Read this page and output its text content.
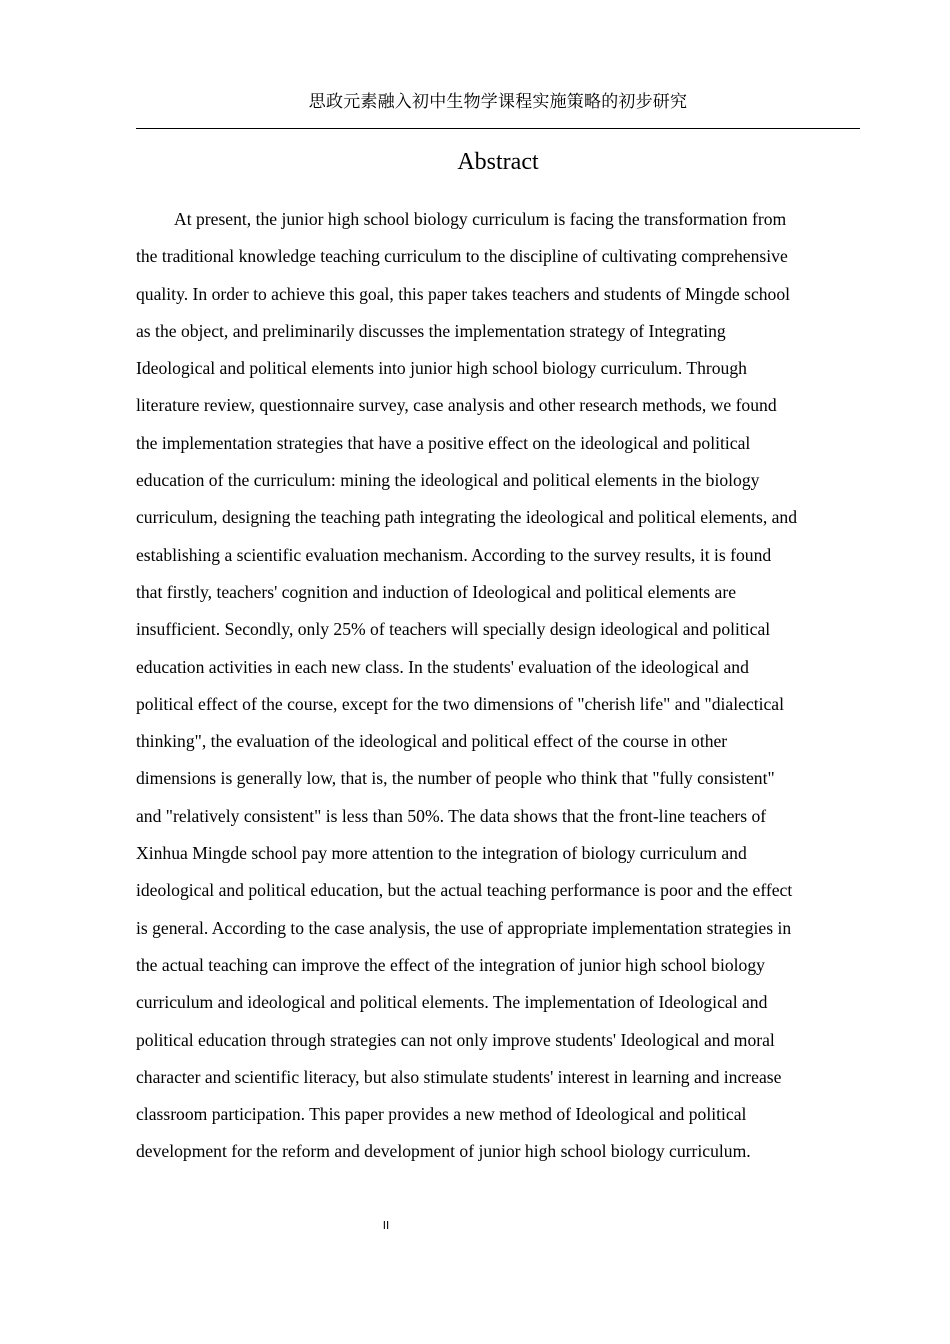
思政元素融入初中生物学课程实施策略的初步研究
Abstract
At present, the junior high school biology curriculum is facing the transformation from
the traditional knowledge teaching curriculum to the discipline of cultivating comprehensive
quality. In order to achieve this goal, this paper takes teachers and students of Mingde school
as the object, and preliminarily discusses the implementation strategy of Integrating
Ideological and political elements into junior high school biology curriculum. Through
literature review, questionnaire survey, case analysis and other research methods, we found
the implementation strategies that have a positive effect on the ideological and political
education of the curriculum: mining the ideological and political elements in the biology
curriculum, designing the teaching path integrating the ideological and political elements, and
establishing a scientific evaluation mechanism. According to the survey results, it is found
that firstly, teachers' cognition and induction of Ideological and political elements are
insufficient. Secondly, only 25% of teachers will specially design ideological and political
education activities in each new class. In the students' evaluation of the ideological and
political effect of the course, except for the two dimensions of "cherish life" and "dialectical
thinking", the evaluation of the ideological and political effect of the course in other
dimensions is generally low, that is, the number of people who think that "fully consistent"
and "relatively consistent" is less than 50%. The data shows that the front-line teachers of
Xinhua Mingde school pay more attention to the integration of biology curriculum and
ideological and political education, but the actual teaching performance is poor and the effect
is general. According to the case analysis, the use of appropriate implementation strategies in
the actual teaching can improve the effect of the integration of junior high school biology
curriculum and ideological and political elements. The implementation of Ideological and
political education through strategies can not only improve students' Ideological and moral
character and scientific literacy, but also stimulate students' interest in learning and increase
classroom participation. This paper provides a new method of Ideological and political
development for the reform and development of junior high school biology curriculum.
II
